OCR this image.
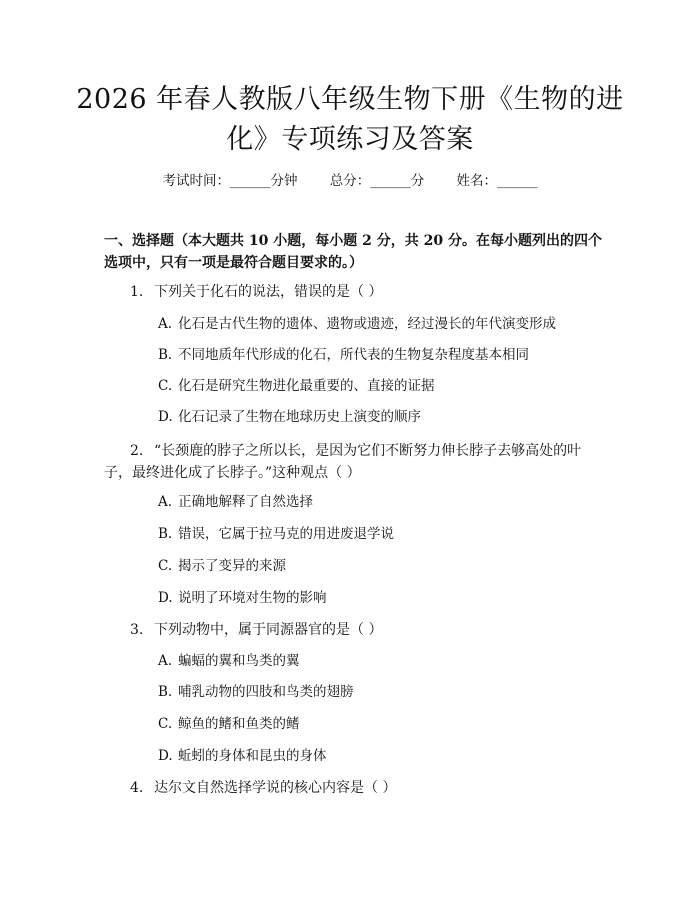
2026 年春人教版八年级生物下册《生物的进
化》专项练习及答案
考试时间：______分钟 总分：______分 姓名：______
一、选择题（本大题共 10 小题，每小题 2 分，共 20 分。在每小题列出的四个选项中，只有一项是最符合题目要求的。）
1. 下列关于化石的说法，错误的是（ ）
A. 化石是古代生物的遗体、遗物或遗迹，经过漫长的年代演变形成
B. 不同地质年代形成的化石，所代表的生物复杂程度基本相同
C. 化石是研究生物进化最重要的、直接的证据
D. 化石记录了生物在地球历史上演变的顺序
2. “长颈鹿的脖子之所以长，是因为它们不断努力伸长脖子去够高处的叶子，最终进化成了长脖子。”这种观点（ ）
A. 正确地解释了自然选择
B. 错误，它属于拉马克的用进废退学说
C. 揭示了变异的来源
D. 说明了环境对生物的影响
3. 下列动物中，属于同源器官的是（ ）
A. 蝙蝠的翼和鸟类的翼
B. 哺乳动物的四肢和鸟类的翅膀
C. 鲸鱼的鳍和鱼类的鳍
D. 蚯蚓的身体和昆虫的身体
4. 达尔文自然选择学说的核心内容是（ ）
